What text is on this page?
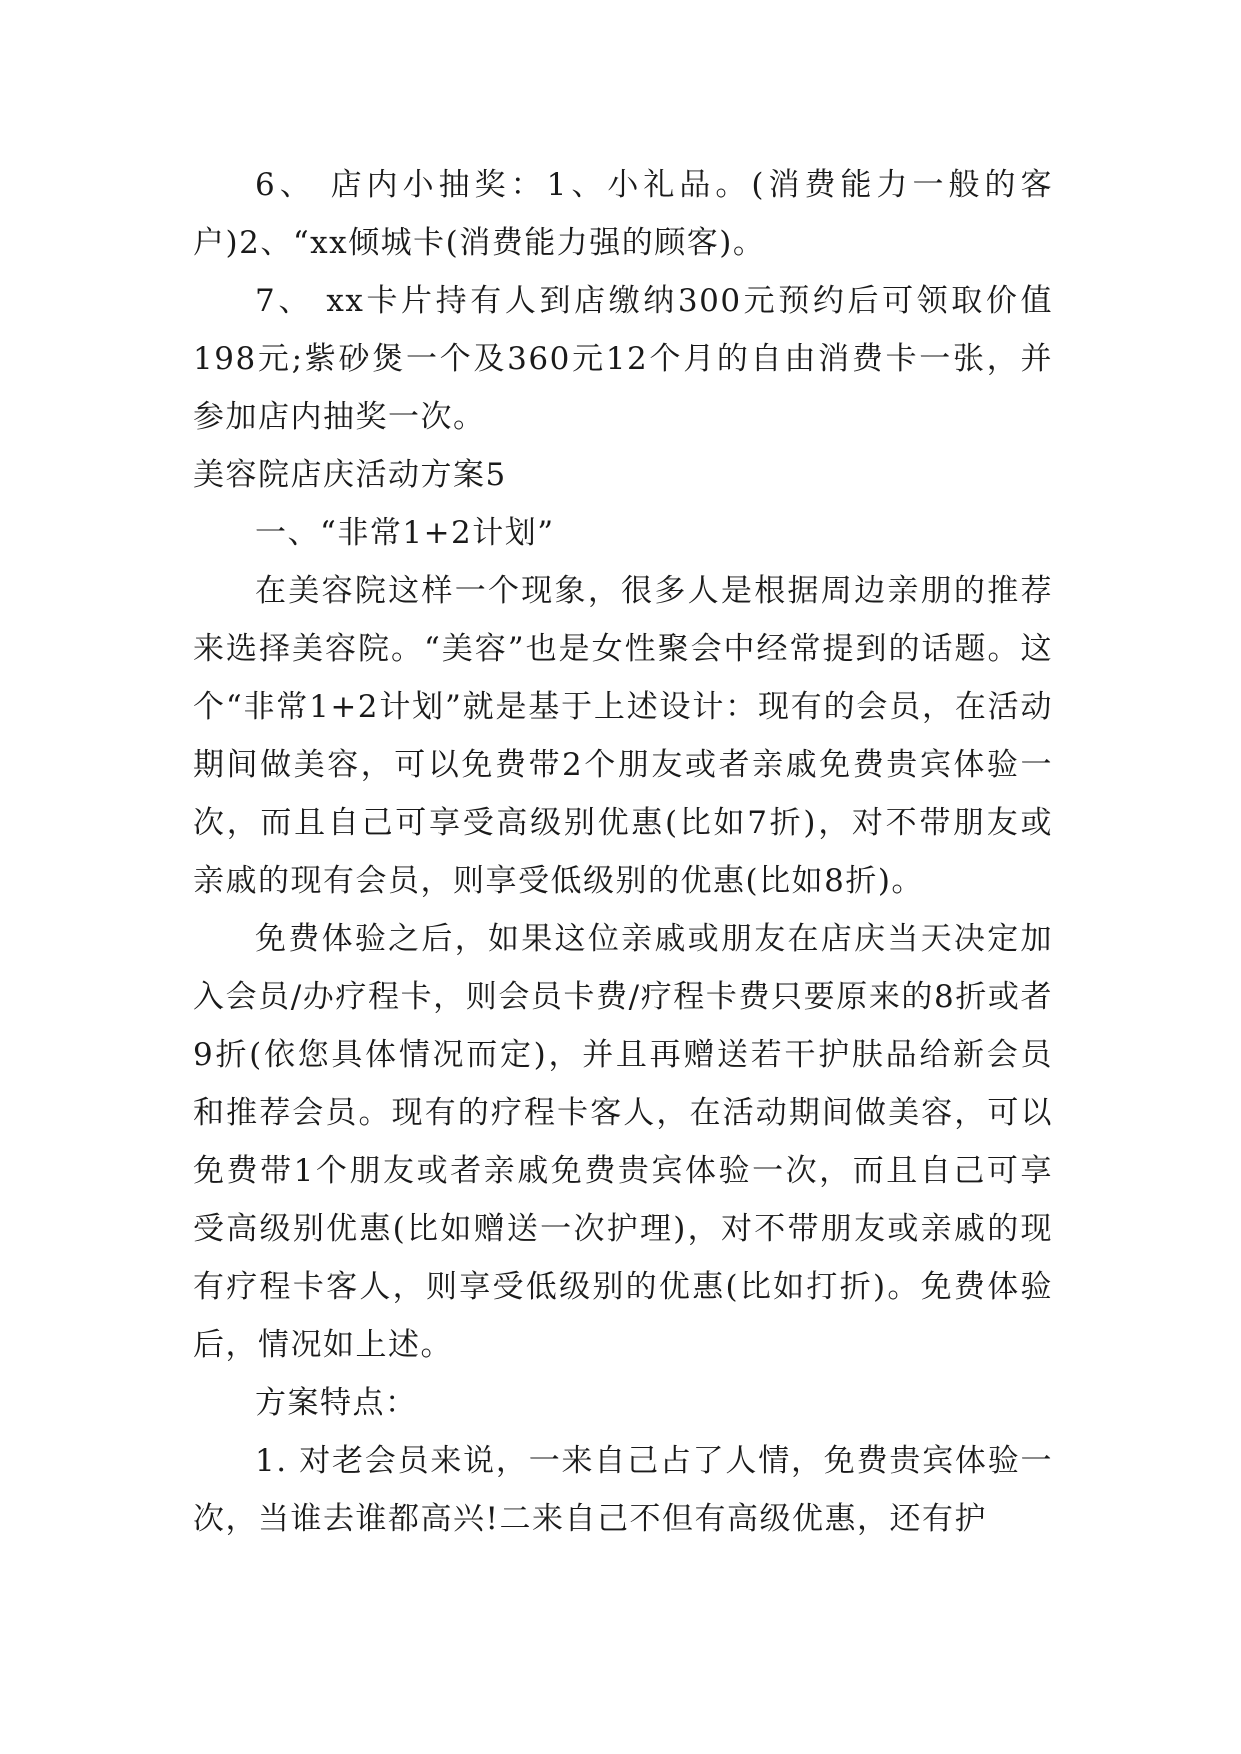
6、 店内小抽奖：1、小礼品。(消费能力一般的客户)2、“xx倾城卡(消费能力强的顾客)。

7、 xx卡片持有人到店缴纳300元预约后可领取价值198元;紫砂煲一个及360元12个月的自由消费卡一张，并参加店内抽奖一次。

美容院店庆活动方案5

一、“非常1+2计划”

在美容院这样一个现象，很多人是根据周边亲朋的推荐来选择美容院。“美容”也是女性聚会中经常提到的话题。这个“非常1+2计划”就是基于上述设计：现有的会员，在活动期间做美容，可以免费带2个朋友或者亲戚免费贵宾体验一次，而且自己可享受高级别优惠(比如7折)，对不带朋友或亲戚的现有会员，则享受低级别的优惠(比如8折)。

免费体验之后，如果这位亲戚或朋友在店庆当天决定加入会员/办疗程卡，则会员卡费/疗程卡费只要原来的8折或者9折(依您具体情况而定)，并且再赠送若干护肤品给新会员和推荐会员。现有的疗程卡客人，在活动期间做美容，可以免费带1个朋友或者亲戚免费贵宾体验一次，而且自己可享受高级别优惠(比如赠送一次护理)，对不带朋友或亲戚的现有疗程卡客人，则享受低级别的优惠(比如打折)。免费体验后，情况如上述。

方案特点：

1. 对老会员来说，一来自己占了人情，免费贵宾体验一次，当谁去谁都高兴!二来自己不但有高级优惠，还有护
